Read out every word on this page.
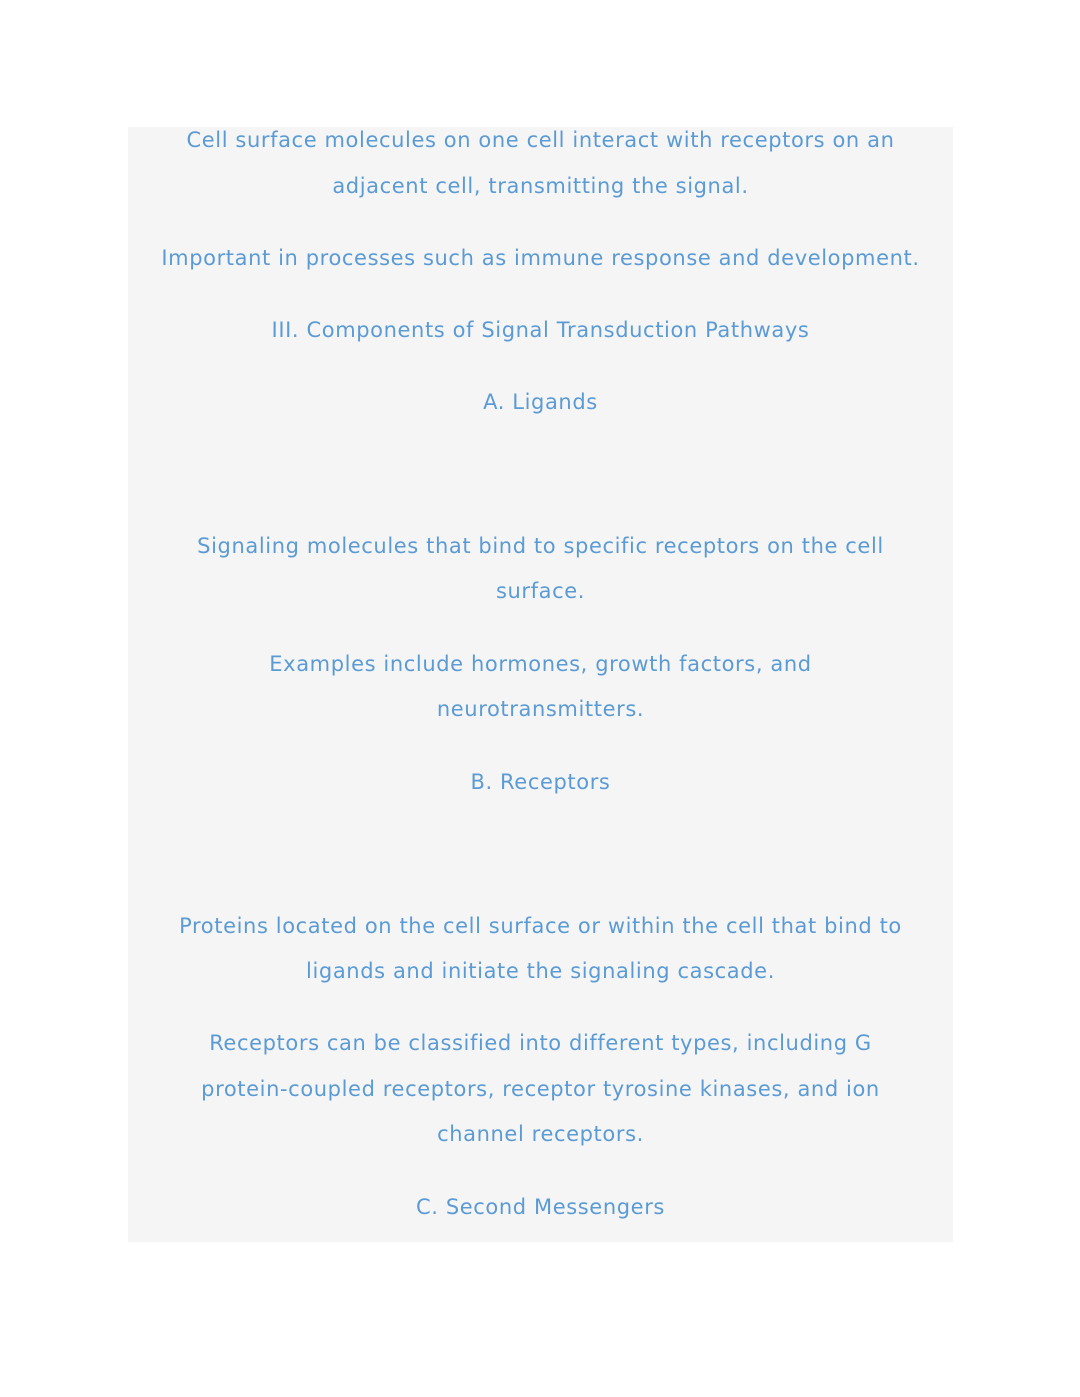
Cell surface molecules on one cell interact with receptors on an
adjacent cell, transmitting the signal.
Important in processes such as immune response and development.
III. Components of Signal Transduction Pathways
A. Ligands
Signaling molecules that bind to specific receptors on the cell
surface.
Examples include hormones, growth factors, and
neurotransmitters.
B. Receptors
Proteins located on the cell surface or within the cell that bind to
ligands and initiate the signaling cascade.
Receptors can be classified into different types, including G
protein-coupled receptors, receptor tyrosine kinases, and ion
channel receptors.
C. Second Messengers
